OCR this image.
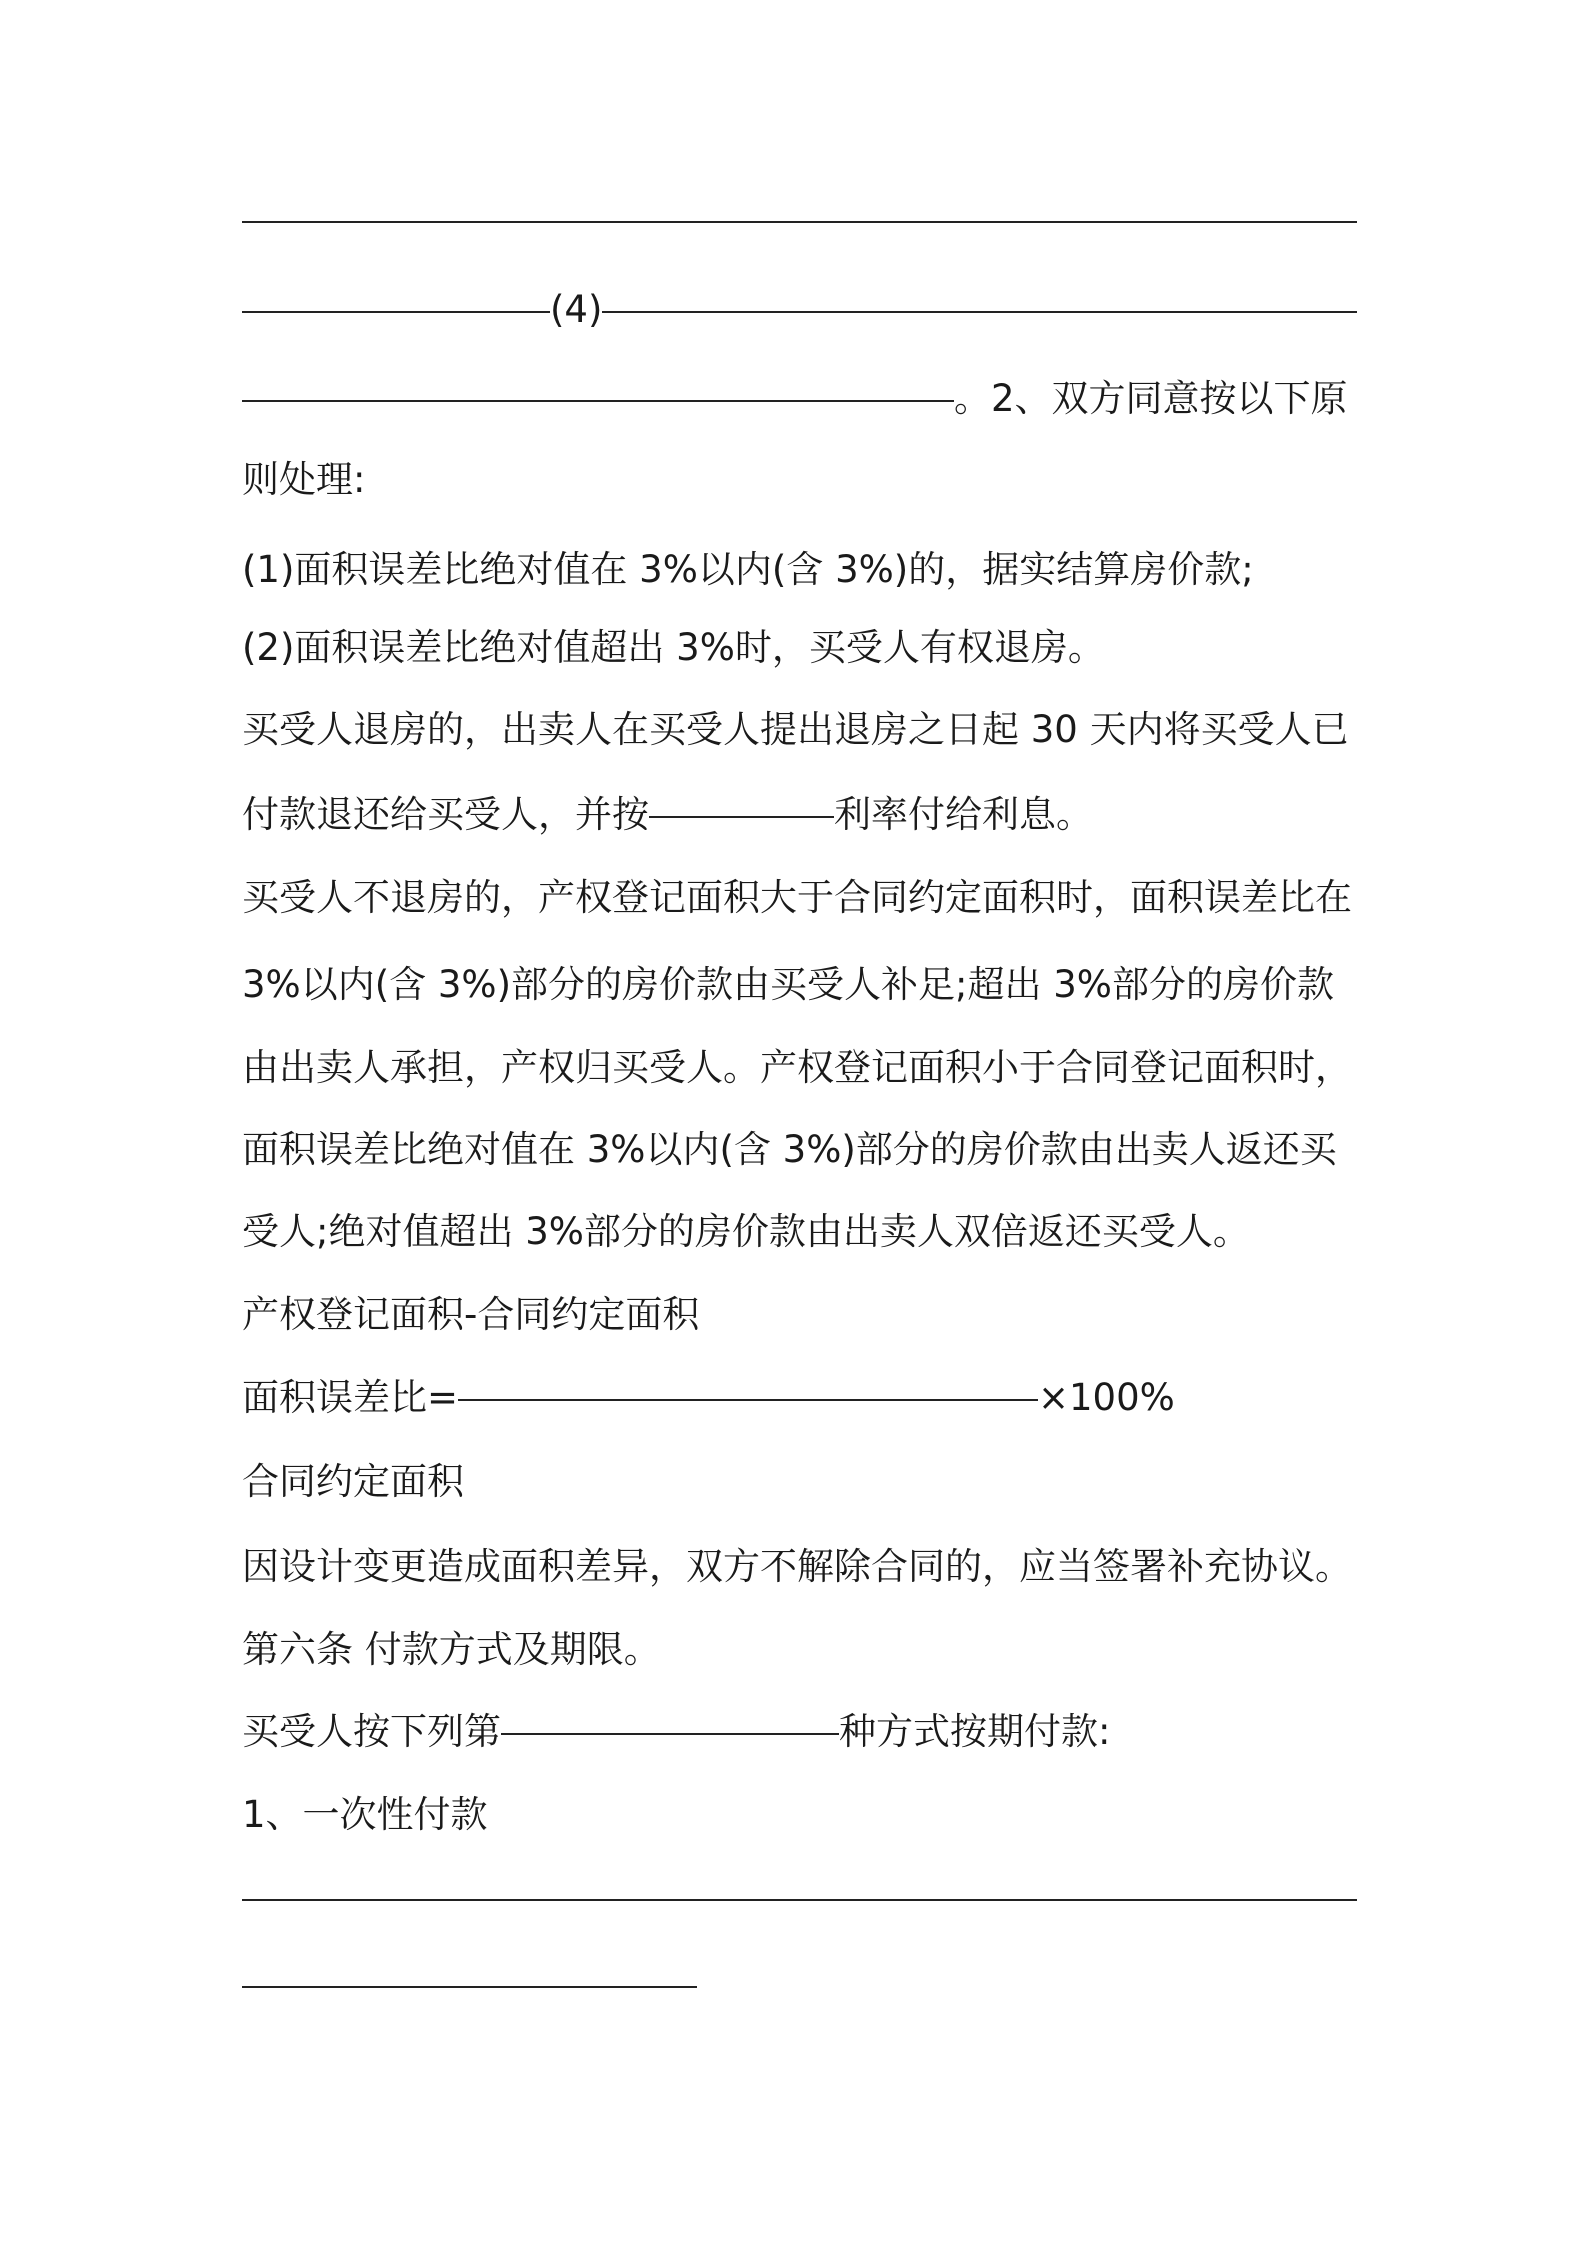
(4)
。2、双方同意按以下原
则处理:
(1)面积误差比绝对值在 3%以内(含 3%)的，据实结算房价款;
(2)面积误差比绝对值超出 3%时，买受人有权退房。
买受人退房的，出卖人在买受人提出退房之日起 30 天内将买受人已
付款退还给买受人，并按	利率付给利息。
买受人不退房的，产权登记面积大于合同约定面积时，面积误差比在
3%以内(含 3%)部分的房价款由买受人补足;超出 3%部分的房价款
由出卖人承担，产权归买受人。产权登记面积小于合同登记面积时，
面积误差比绝对值在 3%以内(含 3%)部分的房价款由出卖人返还买
受人;绝对值超出 3%部分的房价款由出卖人双倍返还买受人。
产权登记面积-合同约定面积
面积误差比=	×100%
合同约定面积
因设计变更造成面积差异，双方不解除合同的，应当签署补充协议。
第六条 付款方式及期限。
买受人按下列第	种方式按期付款:
1、一次性付款
